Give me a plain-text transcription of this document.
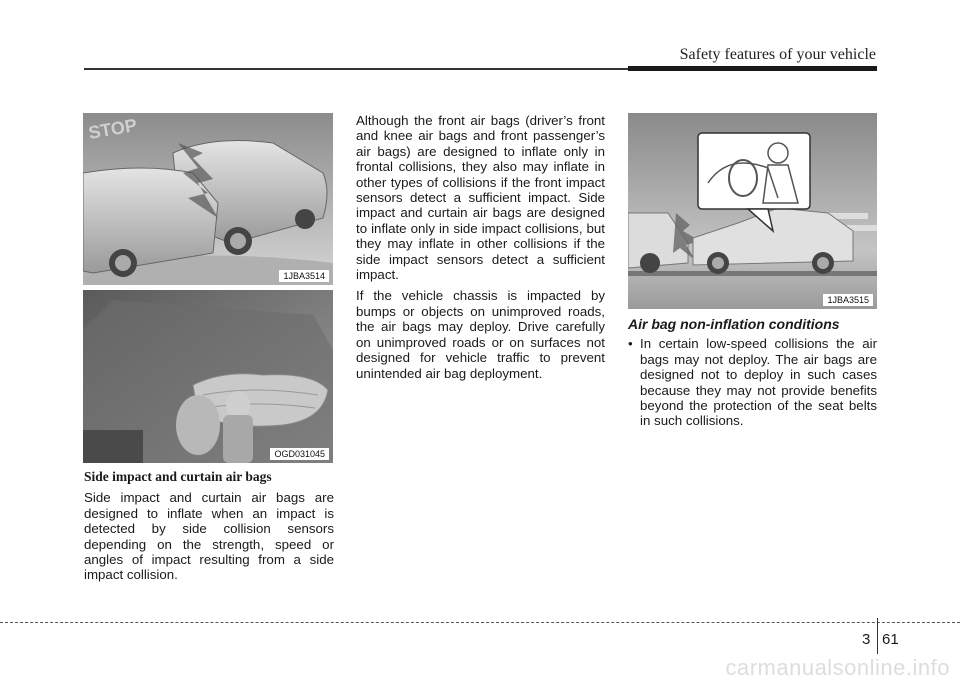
Safety features of your vehicle
STOP
1JBA3514
OGD031045
1JBA3515
Side impact and curtain air bags

Side impact and curtain air bags are designed to inflate when an impact is detected by side collision sensors depending on the strength, speed or angles of impact resulting from a side impact collision.

Although the front air bags (driver’s front and knee air bags and front passenger’s air bags) are designed to inflate only in frontal collisions, they also may inflate in other types of collisions if the front impact sensors detect a sufficient impact. Side impact and curtain air bags are designed to inflate only in side impact collisions, but they may inflate in other collisions if the side impact sensors detect a sufficient impact.

If the vehicle chassis is impacted by bumps or objects on unimproved roads, the air bags may deploy. Drive carefully on unimproved roads or on surfaces not designed for vehicle traffic to prevent unintended air bag deployment.

Air bag non-inflation conditions
• In certain low-speed collisions the air bags may not deploy. The air bags are designed not to deploy in such cases because they may not provide benefits beyond the protection of the seat belts in such collisions.
3 61
carmanualsonline.info
